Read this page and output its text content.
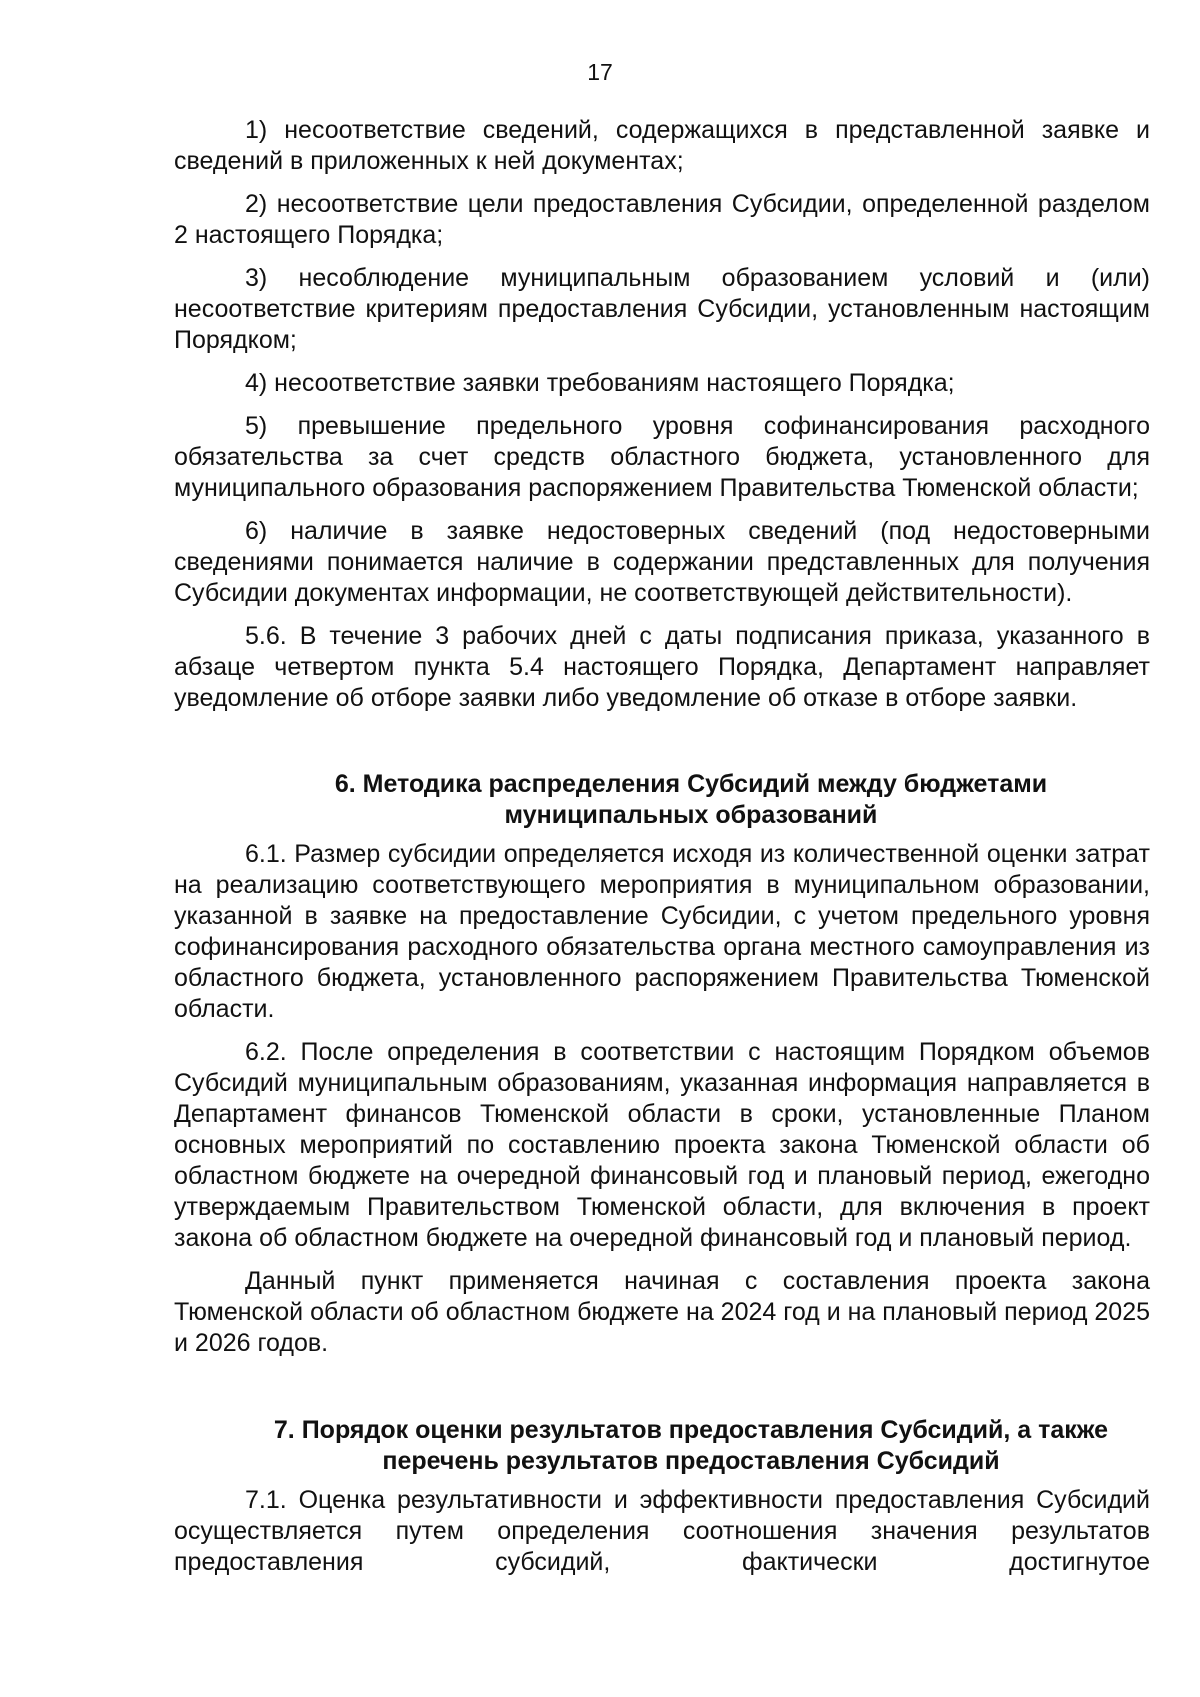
17

1) несоответствие сведений, содержащихся в представленной заявке и сведений в приложенных к ней документах;

2) несоответствие цели предоставления Субсидии, определенной разделом 2 настоящего Порядка;

3) несоблюдение муниципальным образованием условий и (или) несоответствие критериям предоставления Субсидии, установленным настоящим Порядком;

4) несоответствие заявки требованиям настоящего Порядка;

5) превышение предельного уровня софинансирования расходного обязательства за счет средств областного бюджета, установленного для муниципального образования распоряжением Правительства Тюменской области;

6) наличие в заявке недостоверных сведений (под недостоверными сведениями понимается наличие в содержании представленных для получения Субсидии документах информации, не соответствующей действительности).

5.6. В течение 3 рабочих дней с даты подписания приказа, указанного в абзаце четвертом пункта 5.4 настоящего Порядка, Департамент направляет уведомление об отборе заявки либо уведомление об отказе в отборе заявки.

6. Методика распределения Субсидий между бюджетами
муниципальных образований

6.1. Размер субсидии определяется исходя из количественной оценки затрат на реализацию соответствующего мероприятия в муниципальном образовании, указанной в заявке на предоставление Субсидии, с учетом предельного уровня софинансирования расходного обязательства органа местного самоуправления из областного бюджета, установленного распоряжением Правительства Тюменской области.

6.2. После определения в соответствии с настоящим Порядком объемов Субсидий муниципальным образованиям, указанная информация направляется в Департамент финансов Тюменской области в сроки, установленные Планом основных мероприятий по составлению проекта закона Тюменской области об областном бюджете на очередной финансовый год и плановый период, ежегодно утверждаемым Правительством Тюменской области, для включения в проект закона об областном бюджете на очередной финансовый год и плановый период.

Данный пункт применяется начиная с составления проекта закона Тюменской области об областном бюджете на 2024 год и на плановый период 2025 и 2026 годов.

7. Порядок оценки результатов предоставления Субсидий, а также
перечень результатов предоставления Субсидий

7.1. Оценка результативности и эффективности предоставления Субсидий осуществляется путем определения соотношения значения результатов предоставления субсидий, фактически достигнутое
